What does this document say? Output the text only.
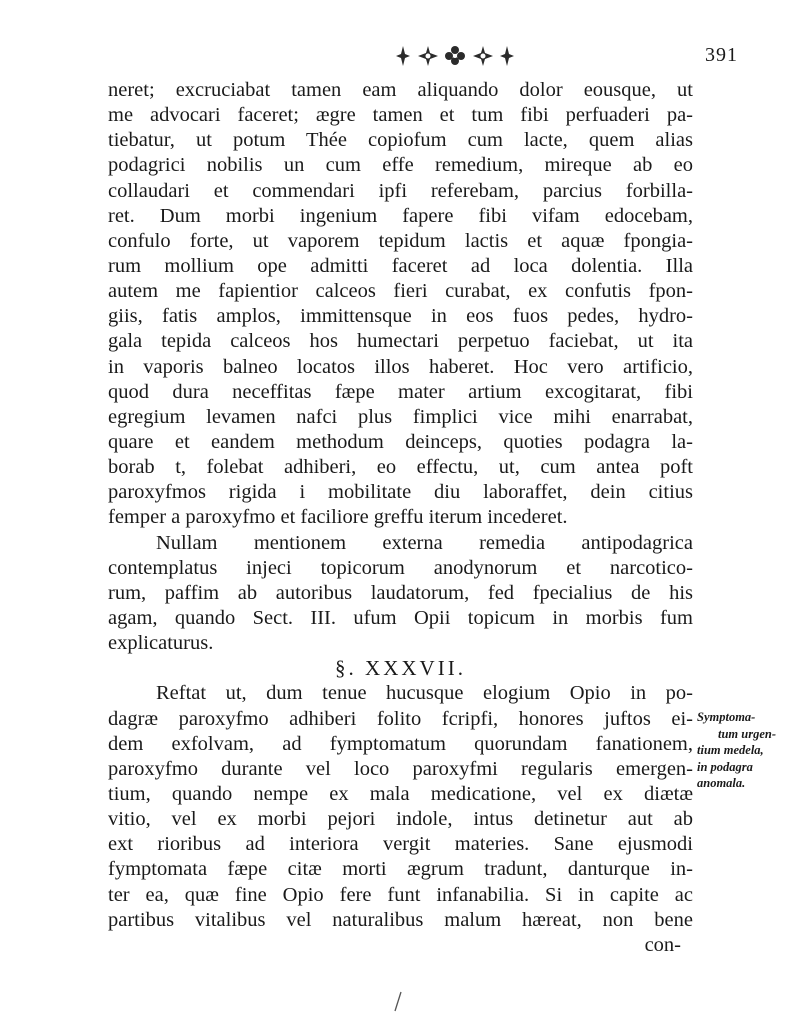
391
neret; excruciabat tamen eam aliquando dolor eousque, ut
me advocari faceret; ægre tamen et tum fibi perfuaderi pa-
tiebatur, ut potum Thée copiofum cum lacte, quem alias
podagrici nobilis un cum effe remedium, mireque ab eo
collaudari et commendari ipfi referebam, parcius forbilla-
ret. Dum morbi ingenium fapere fibi vifam edocebam,
confulo forte, ut vaporem tepidum lactis et aquæ fpongia-
rum mollium ope admitti faceret ad loca dolentia. Illa
autem me fapientior calceos fieri curabat, ex confutis fpon-
giis, fatis amplos, immittensque in eos fuos pedes, hydro-
gala tepida calceos hos humectari perpetuo faciebat, ut ita
in vaporis balneo locatos illos haberet. Hoc vero artificio,
quod dura neceffitas fæpe mater artium excogitarat, fibi
egregium levamen nafci plus fimplici vice mihi enarrabat,
quare et eandem methodum deinceps, quoties podagra la-
borab t, folebat adhiberi, eo effectu, ut, cum antea poft
paroxyfmos rigida i mobilitate diu laboraffet, dein citius
femper a paroxyfmo et faciliore greffu iterum incederet.
Nullam mentionem externa remedia antipodagrica
contemplatus injeci topicorum anodynorum et narcotico-
rum, paffim ab autoribus laudatorum, fed fpecialius de his
agam, quando Sect. III. ufum Opii topicum in morbis fum
explicaturus.
§. XXXVII.
Reftat ut, dum tenue hucusque elogium Opio in po-
dagræ paroxyfmo adhiberi folito fcripfi, honores juftos ei-
dem exfolvam, ad fymptomatum quorundam fanationem,
paroxyfmo durante vel loco paroxyfmi regularis emergen-
tium, quando nempe ex mala medicatione, vel ex diætæ
vitio, vel ex morbi pejori indole, intus detinetur aut ab
ext rioribus ad interiora vergit materies. Sane ejusmodi
fymptomata fæpe citæ morti ægrum tradunt, danturque in-
ter ea, quæ fine Opio fere funt infanabilia. Si in capite ac
partibus vitalibus vel naturalibus malum hæreat, non bene
con-
Symptoma-
tum urgen-
tium medela,
in podagra
anomala.
